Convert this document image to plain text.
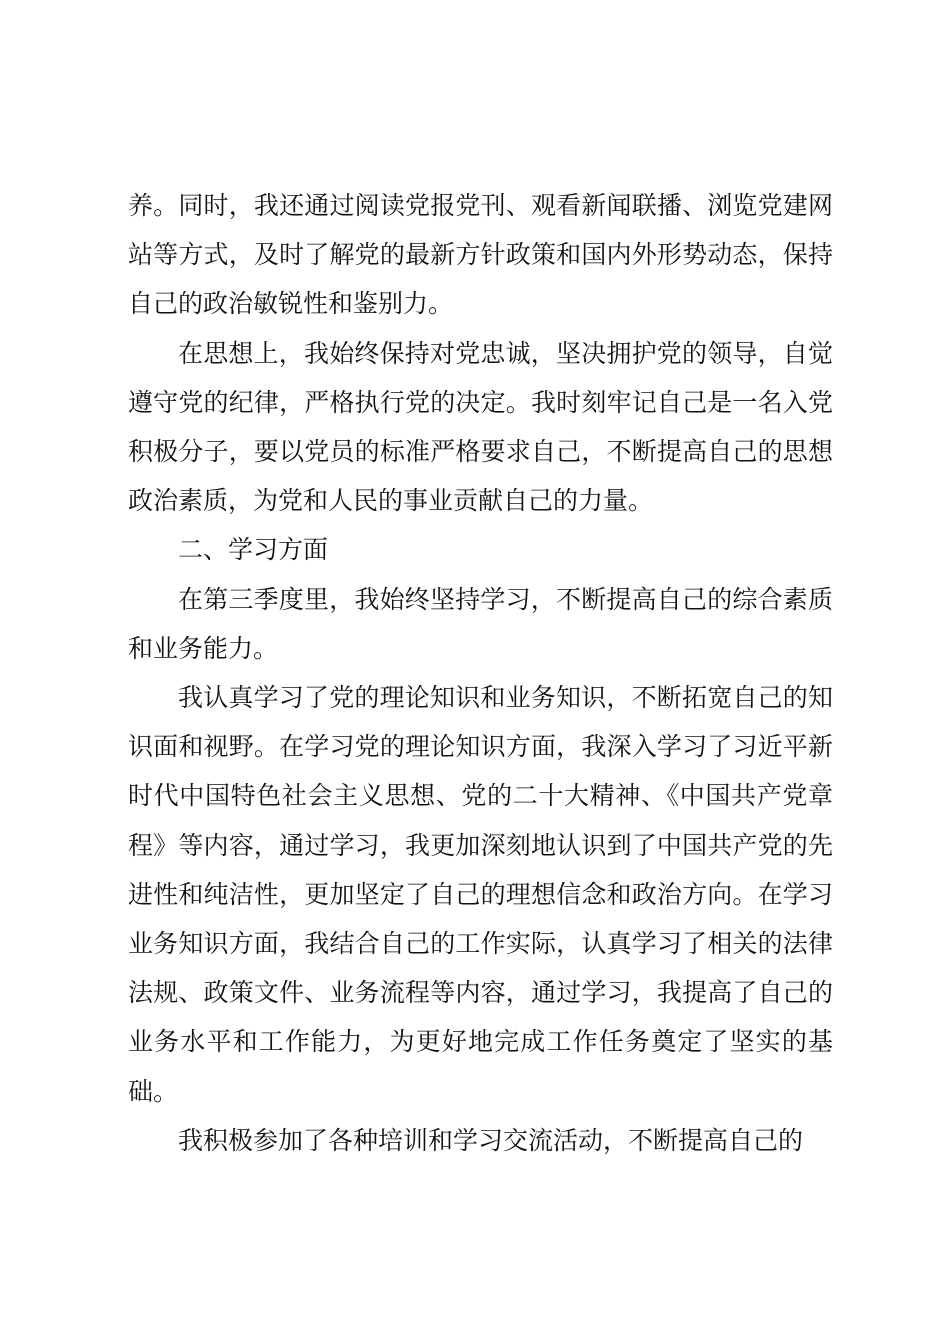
养。同时，我还通过阅读党报党刊、观看新闻联播、浏览党建网站等方式，及时了解党的最新方针政策和国内外形势动态，保持自己的政治敏锐性和鉴别力。

在思想上，我始终保持对党忠诚，坚决拥护党的领导，自觉遵守党的纪律，严格执行党的决定。我时刻牢记自己是一名入党积极分子，要以党员的标准严格要求自己，不断提高自己的思想政治素质，为党和人民的事业贡献自己的力量。

二、学习方面

在第三季度里，我始终坚持学习，不断提高自己的综合素质和业务能力。

我认真学习了党的理论知识和业务知识，不断拓宽自己的知识面和视野。在学习党的理论知识方面，我深入学习了习近平新时代中国特色社会主义思想、党的二十大精神、《中国共产党章程》等内容，通过学习，我更加深刻地认识到了中国共产党的先进性和纯洁性，更加坚定了自己的理想信念和政治方向。在学习业务知识方面，我结合自己的工作实际，认真学习了相关的法律法规、政策文件、业务流程等内容，通过学习，我提高了自己的业务水平和工作能力，为更好地完成工作任务奠定了坚实的基础。

我积极参加了各种培训和学习交流活动，不断提高自己的
